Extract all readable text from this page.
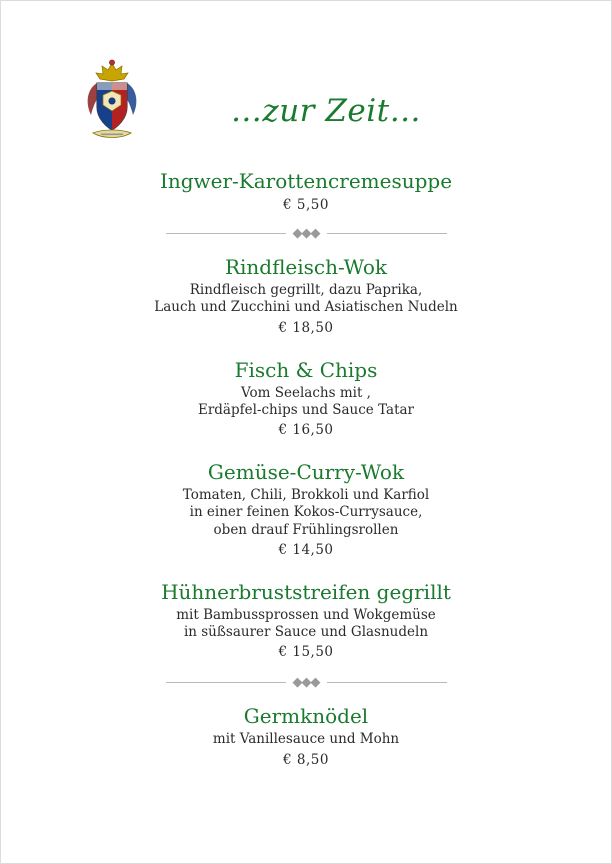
…zur Zeit…
Ingwer-Karottencremesuppe
€ 5,50
◆◆◆
Rindfleisch-Wok
Rindfleisch gegrillt, dazu Paprika,
Lauch und Zucchini und Asiatischen Nudeln
€ 18,50
Fisch & Chips
Vom Seelachs mit ,
Erdäpfel-chips und Sauce Tatar
€ 16,50
Gemüse-Curry-Wok
Tomaten, Chili, Brokkoli und Karfiol
in einer feinen Kokos-Currysauce,
oben drauf Frühlingsrollen
€ 14,50
Hühnerbruststreifen gegrillt
mit Bambussprossen und Wokgemüse
in süßsaurer Sauce und Glasnudeln
€ 15,50
◆◆◆
Germknödel
mit Vanillesauce und Mohn
€ 8,50
